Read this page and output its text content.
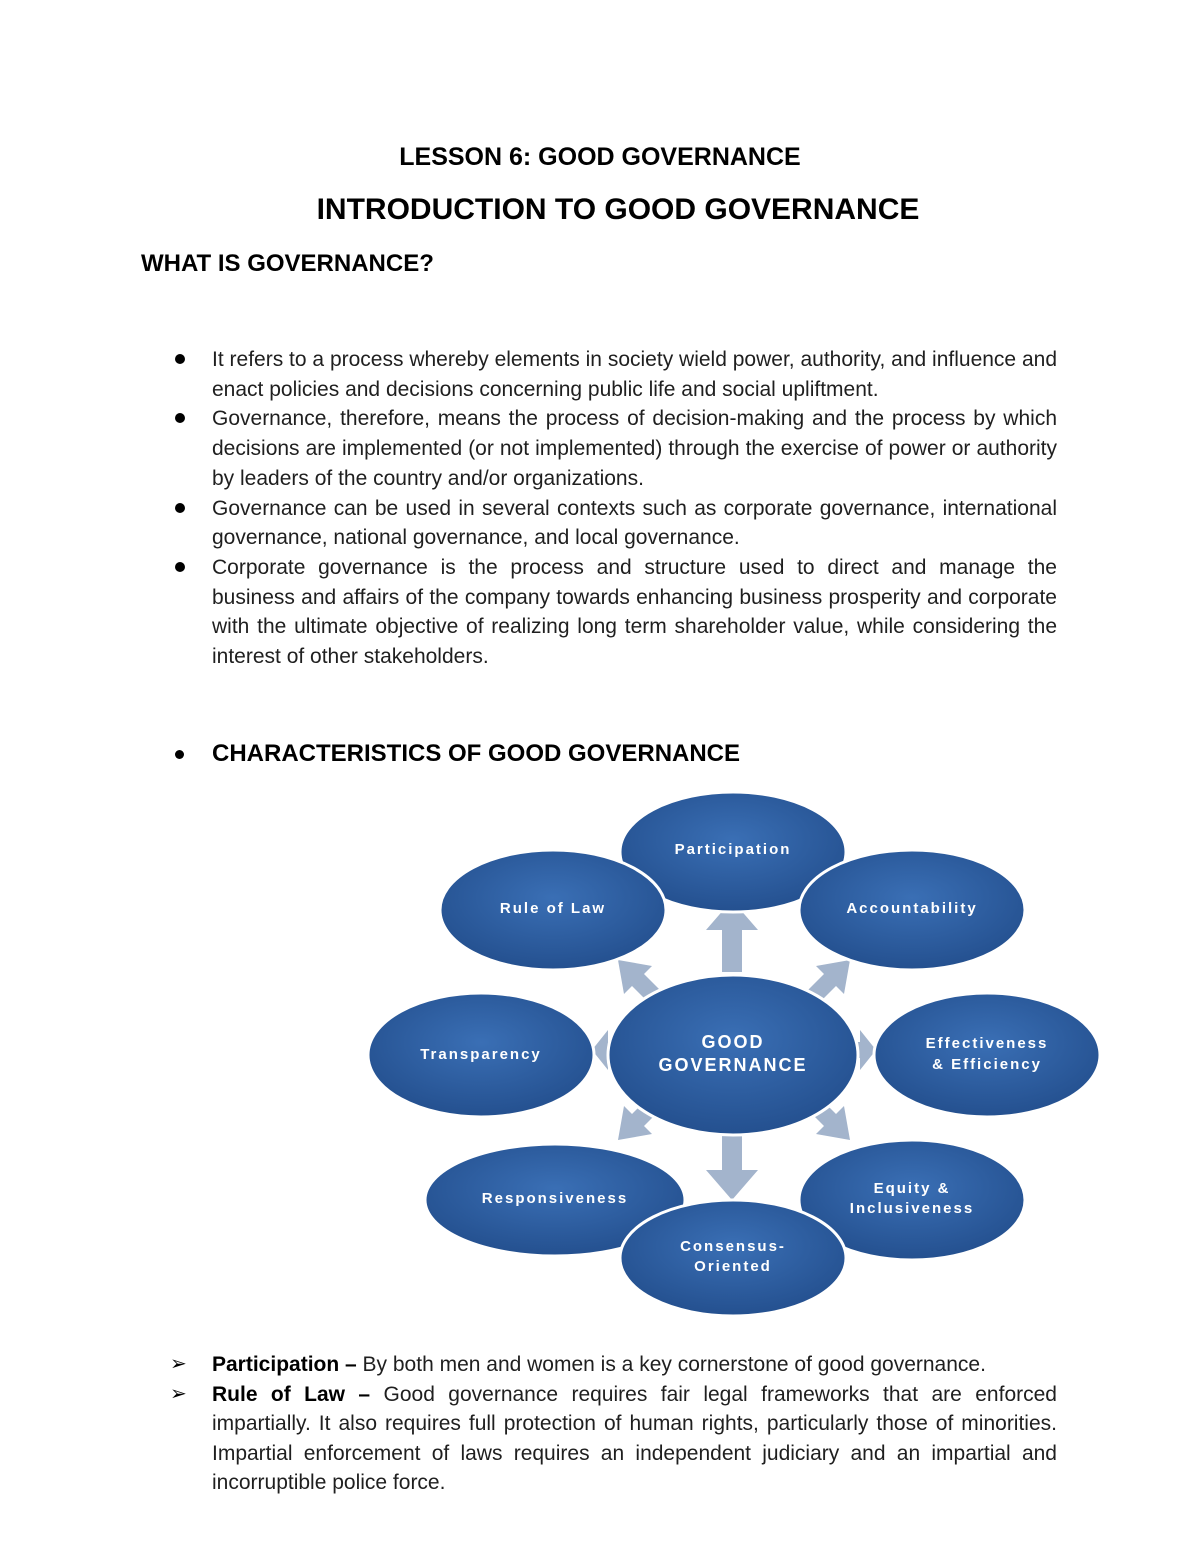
LESSON 6: GOOD GOVERNANCE
INTRODUCTION TO GOOD GOVERNANCE
WHAT IS GOVERNANCE?
It refers to a process whereby elements in society wield power, authority, and influence and enact policies and decisions concerning public life and social upliftment.
Governance, therefore, means the process of decision-making and the process by which decisions are implemented (or not implemented) through the exercise of power or authority by leaders of the country and/or organizations.
Governance can be used in several contexts such as corporate governance, international governance, national governance, and local governance.
Corporate governance is the process and structure used to direct and manage the business and affairs of the company towards enhancing business prosperity and corporate with the ultimate objective of realizing long term shareholder value, while considering the interest of other stakeholders.
CHARACTERISTICS OF GOOD GOVERNANCE
Participation
Rule of Law	Accountability
Transparency
Effectiveness
& Efficiency
Responsiveness
Equity &
Inclusiveness
Consensus-
Oriented
GOOD
GOVERNANCE
➢ Participation – By both men and women is a key cornerstone of good governance.
➢ Rule of Law – Good governance requires fair legal frameworks that are enforced impartially. It also requires full protection of human rights, particularly those of minorities. Impartial enforcement of laws requires an independent judiciary and an impartial and incorruptible police force.
